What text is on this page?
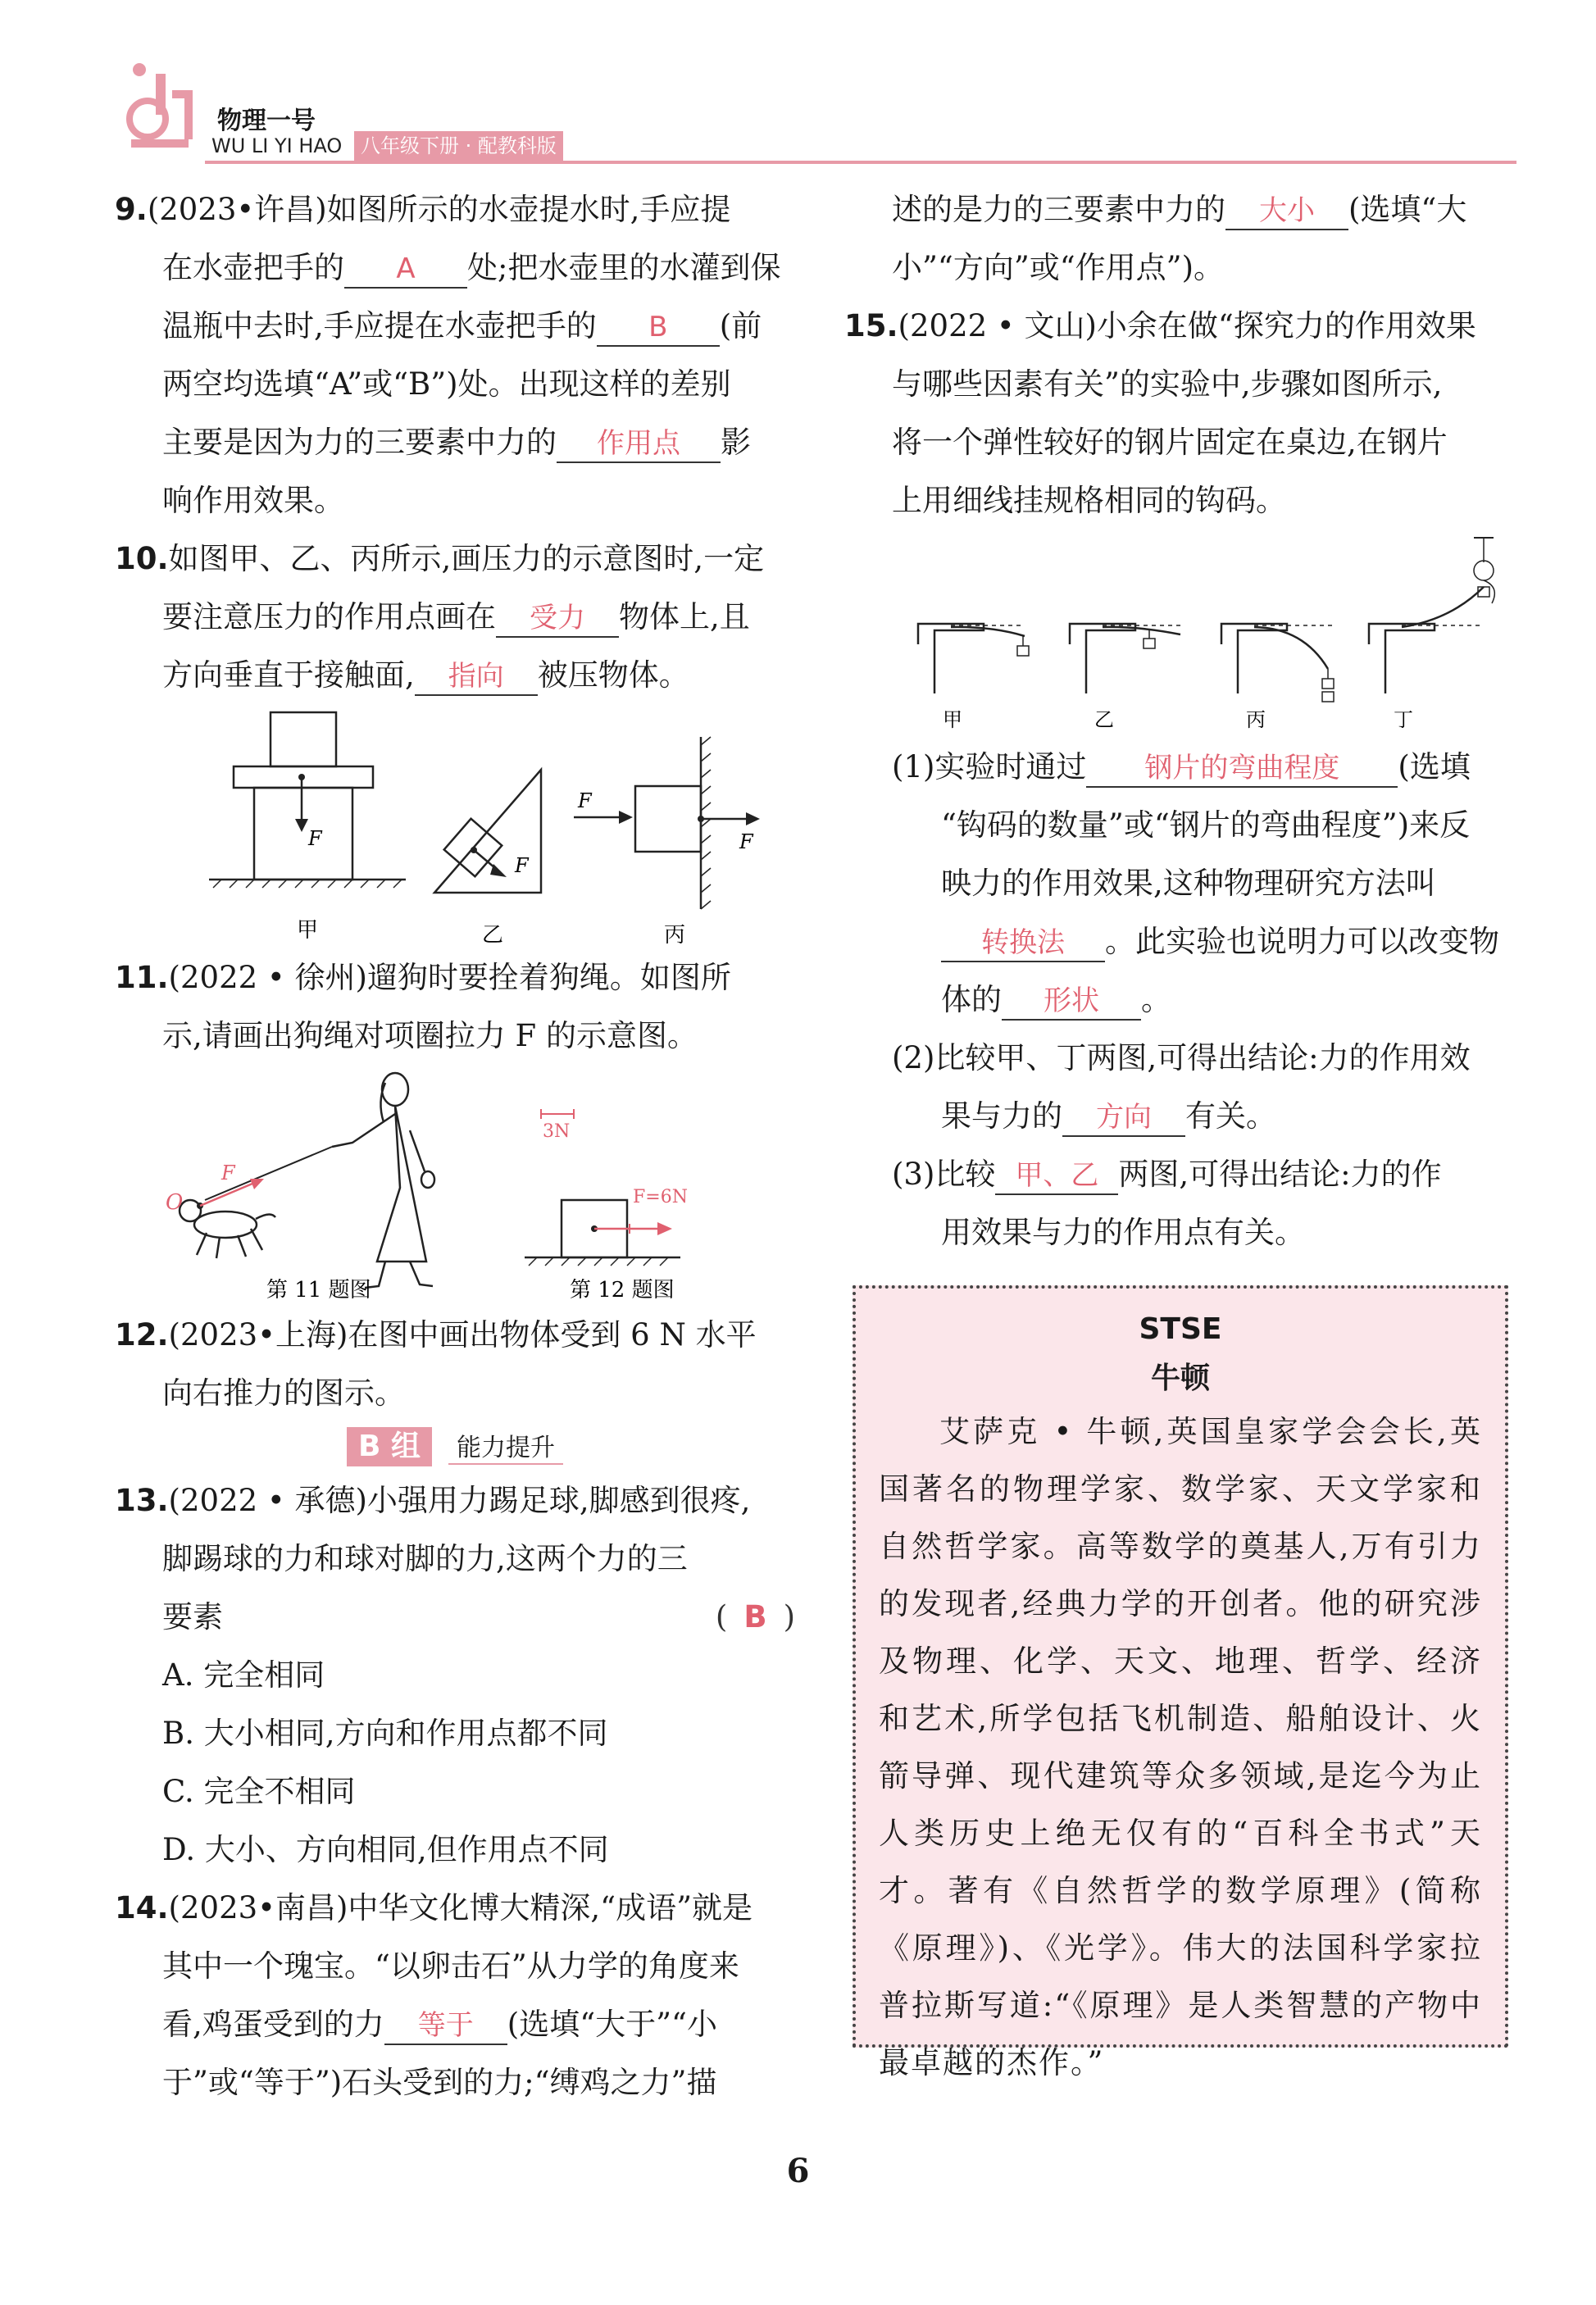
物理一号
WU LI YI HAO 八年级下册 · 配教科版

9.(2023•许昌)如图所示的水壶提水时,手应提

在水壶把手的 A 处;把水壶里的水灌到保

温瓶中去时,手应提在水壶把手的 B (前

两空均选填“A”或“B”)处。出现这样的差别

主要是因为力的三要素中力的 作用点 影

响作用效果。

10.如图甲、乙、丙所示,画压力的示意图时,一定

要注意压力的作用点画在 受力 物体上,且

方向垂直于接触面, 指向 被压物体。

F
甲
F
乙
F
F
丙

11.(2022 • 徐州)遛狗时要拴着狗绳。如图所

示,请画出狗绳对项圈拉力 F 的示意图。

O
F
第 11 题图
3N
F=6N
第 12 题图

12.(2023•上海)在图中画出物体受到 6 N 水平

向右推力的图示。

B 组 能力提升

13.(2022 • 承德)小强用力踢足球,脚感到很疼,

脚踢球的力和球对脚的力,这两个力的三

要素	( B )

A. 完全相同

B. 大小相同,方向和作用点都不同

C. 完全不相同

D. 大小、方向相同,但作用点不同

14.(2023•南昌)中华文化博大精深,“成语”就是

其中一个瑰宝。“以卵击石”从力学的角度来

看,鸡蛋受到的力 等于 (选填“大于”“小

于”或“等于”)石头受到的力;“缚鸡之力”描

述的是力的三要素中力的 大小 (选填“大

小”“方向”或“作用点”)。

15.(2022 • 文山)小余在做“探究力的作用效果

与哪些因素有关”的实验中,步骤如图所示,

将一个弹性较好的钢片固定在桌边,在钢片

上用细线挂规格相同的钩码。

甲	乙	丙	丁

(1)实验时通过 钢片的弯曲程度 (选填

“钩码的数量”或“钢片的弯曲程度”)来反

映力的作用效果,这种物理研究方法叫

转换法 。此实验也说明力可以改变物

体的 形状 。

(2)比较甲、丁两图,可得出结论:力的作用效

果与力的 方向 有关。

(3)比较 甲、乙 两图,可得出结论:力的作

用效果与力的作用点有关。

STSE
牛顿
艾萨克 • 牛顿,英国皇家学会会长,英国著名的物理学家、数学家、天文学家和自然哲学家。高等数学的奠基人,万有引力的发现者,经典力学的开创者。他的研究涉及物理、化学、天文、地理、哲学、经济和艺术,所学包括飞机制造、船舶设计、火箭导弹、现代建筑等众多领域,是迄今为止人类历史上绝无仅有的“百科全书式”天才。著有《自然哲学的数学原理》(简称《原理》)、《光学》。伟大的法国科学家拉普拉斯写道:“《原理》是人类智慧的产物中最卓越的杰作。”
6
